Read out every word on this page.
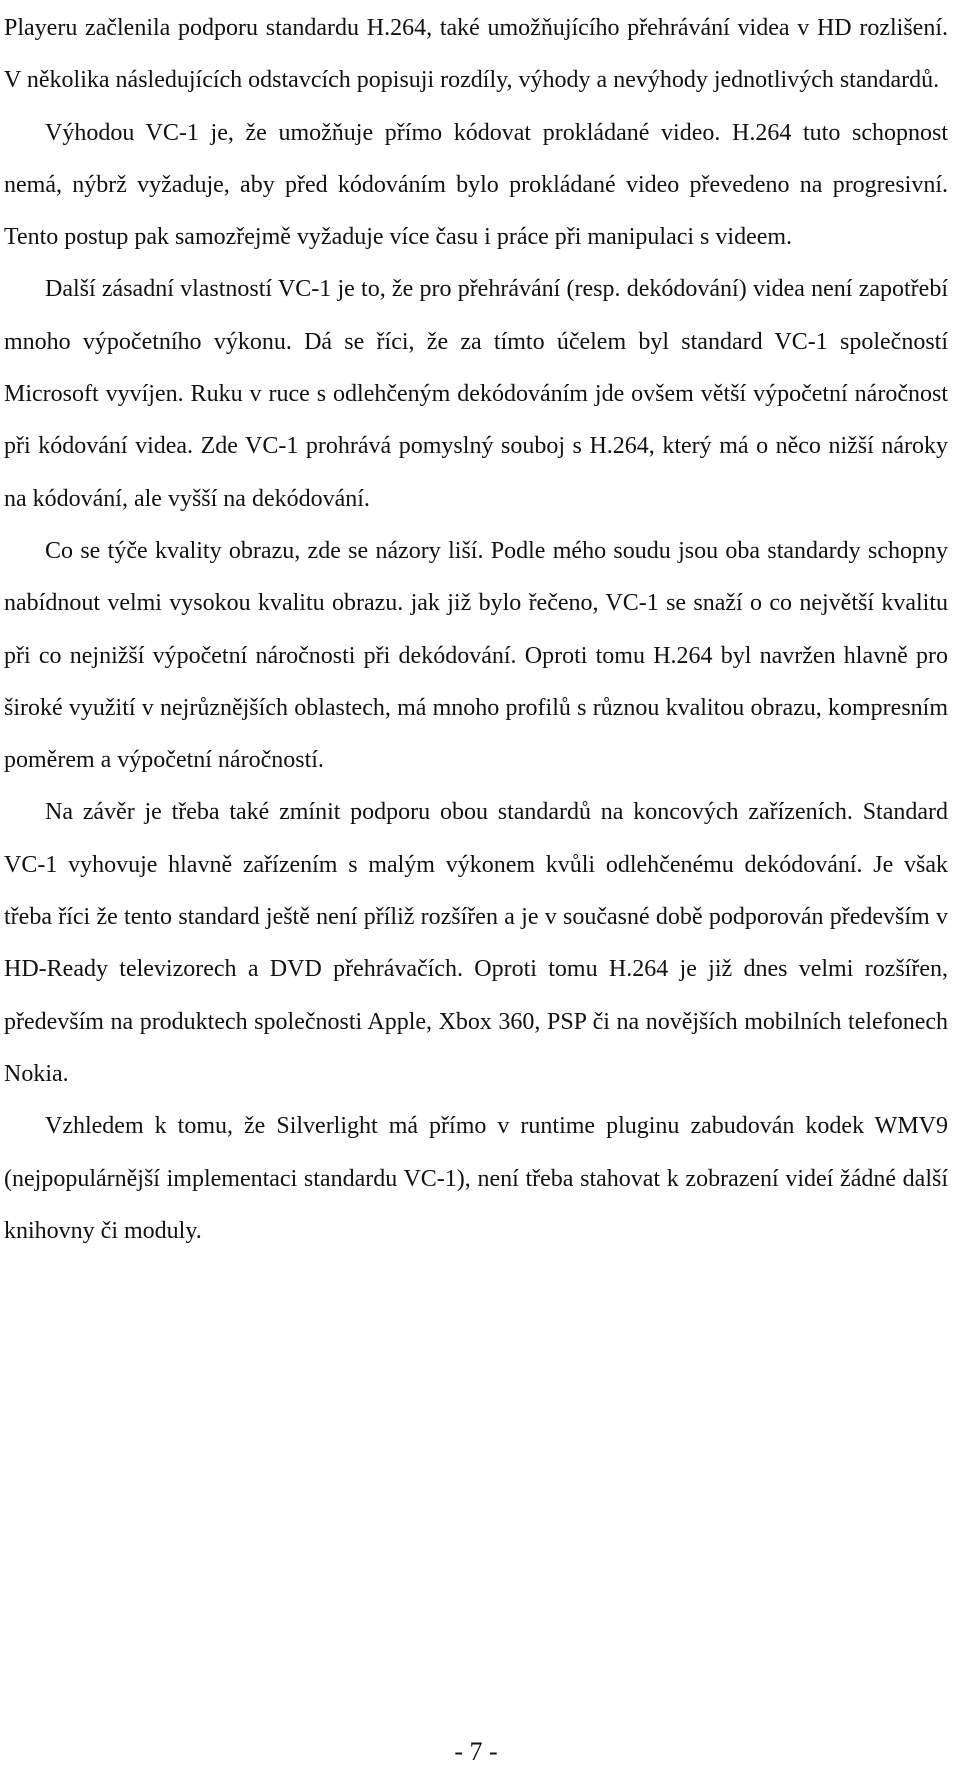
Playeru začlenila podporu standardu H.264, také umožňujícího přehrávání videa v HD rozlišení. V několika následujících odstavcích popisuji rozdíly, výhody a nevýhody jednotlivých standardů.

Výhodou VC-1 je, že umožňuje přímo kódovat prokládané video. H.264 tuto schopnost nemá, nýbrž vyžaduje, aby před kódováním bylo prokládané video převedeno na progresivní. Tento postup pak samozřejmě vyžaduje více času i práce při manipulaci s videem.

Další zásadní vlastností VC-1 je to, že pro přehrávání (resp. dekódování) videa není zapotřebí mnoho výpočetního výkonu. Dá se říci, že za tímto účelem byl standard VC-1 společností Microsoft vyvíjen. Ruku v ruce s odlehčeným dekódováním jde ovšem větší výpočetní náročnost při kódování videa. Zde VC-1 prohrává pomyslný souboj s H.264, který má o něco nižší nároky na kódování, ale vyšší na dekódování.

Co se týče kvality obrazu, zde se názory liší. Podle mého soudu jsou oba standardy schopny nabídnout velmi vysokou kvalitu obrazu. jak již bylo řečeno, VC-1 se snaží o co největší kvalitu při co nejnižší výpočetní náročnosti při dekódování. Oproti tomu H.264 byl navržen hlavně pro široké využití v nejrůznějších oblastech, má mnoho profilů s různou kvalitou obrazu, kompresním poměrem a výpočetní náročností.

Na závěr je třeba také zmínit podporu obou standardů na koncových zařízeních. Standard VC-1 vyhovuje hlavně zařízením s malým výkonem kvůli odlehčenému dekódování. Je však třeba říci že tento standard ještě není příliž rozšířen a je v současné době podporován především v HD-Ready televizorech a DVD přehrávačích. Oproti tomu H.264 je již dnes velmi rozšířen, především na produktech společnosti Apple, Xbox 360, PSP či na novějších mobilních telefonech Nokia.

Vzhledem k tomu, že Silverlight má přímo v runtime pluginu zabudován kodek WMV9 (nejpopulárnější implementaci standardu VC-1), není třeba stahovat k zobrazení videí žádné další knihovny či moduly.

- 7 -
